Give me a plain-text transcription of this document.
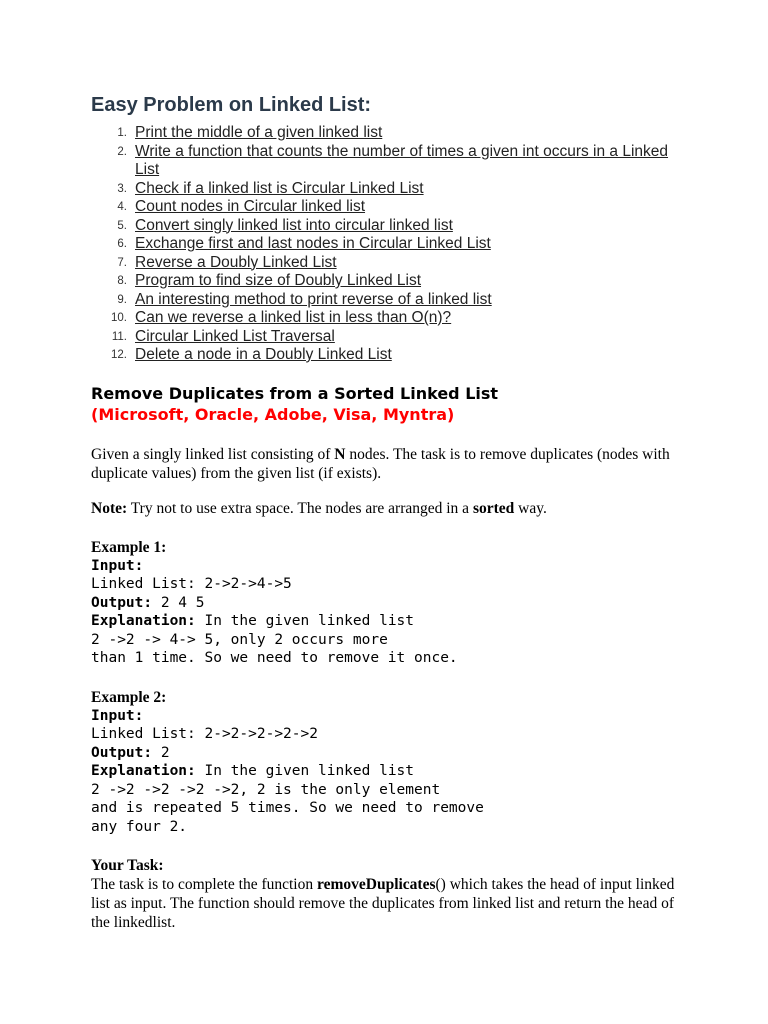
Easy Problem on Linked List:
1. Print the middle of a given linked list
2. Write a function that counts the number of times a given int occurs in a Linked List
3. Check if a linked list is Circular Linked List
4. Count nodes in Circular linked list
5. Convert singly linked list into circular linked list
6. Exchange first and last nodes in Circular Linked List
7. Reverse a Doubly Linked List
8. Program to find size of Doubly Linked List
9. An interesting method to print reverse of a linked list
10. Can we reverse a linked list in less than O(n)?
11. Circular Linked List Traversal
12. Delete a node in a Doubly Linked List
Remove Duplicates from a Sorted Linked List
(Microsoft, Oracle, Adobe, Visa, Myntra)

Given a singly linked list consisting of N nodes. The task is to remove duplicates (nodes with duplicate values) from the given list (if exists).

Note: Try not to use extra space. The nodes are arranged in a sorted way.

Example 1:
Input:
Linked List: 2->2->4->5
Output: 2 4 5
Explanation: In the given linked list
2 ->2 -> 4-> 5, only 2 occurs more
than 1 time. So we need to remove it once.
Example 2:
Input:
Linked List: 2->2->2->2->2
Output: 2
Explanation: In the given linked list
2 ->2 ->2 ->2 ->2, 2 is the only element
and is repeated 5 times. So we need to remove
any four 2.
Your Task:

The task is to complete the function removeDuplicates() which takes the head of input linked list as input. The function should remove the duplicates from linked list and return the head of the linkedlist.
